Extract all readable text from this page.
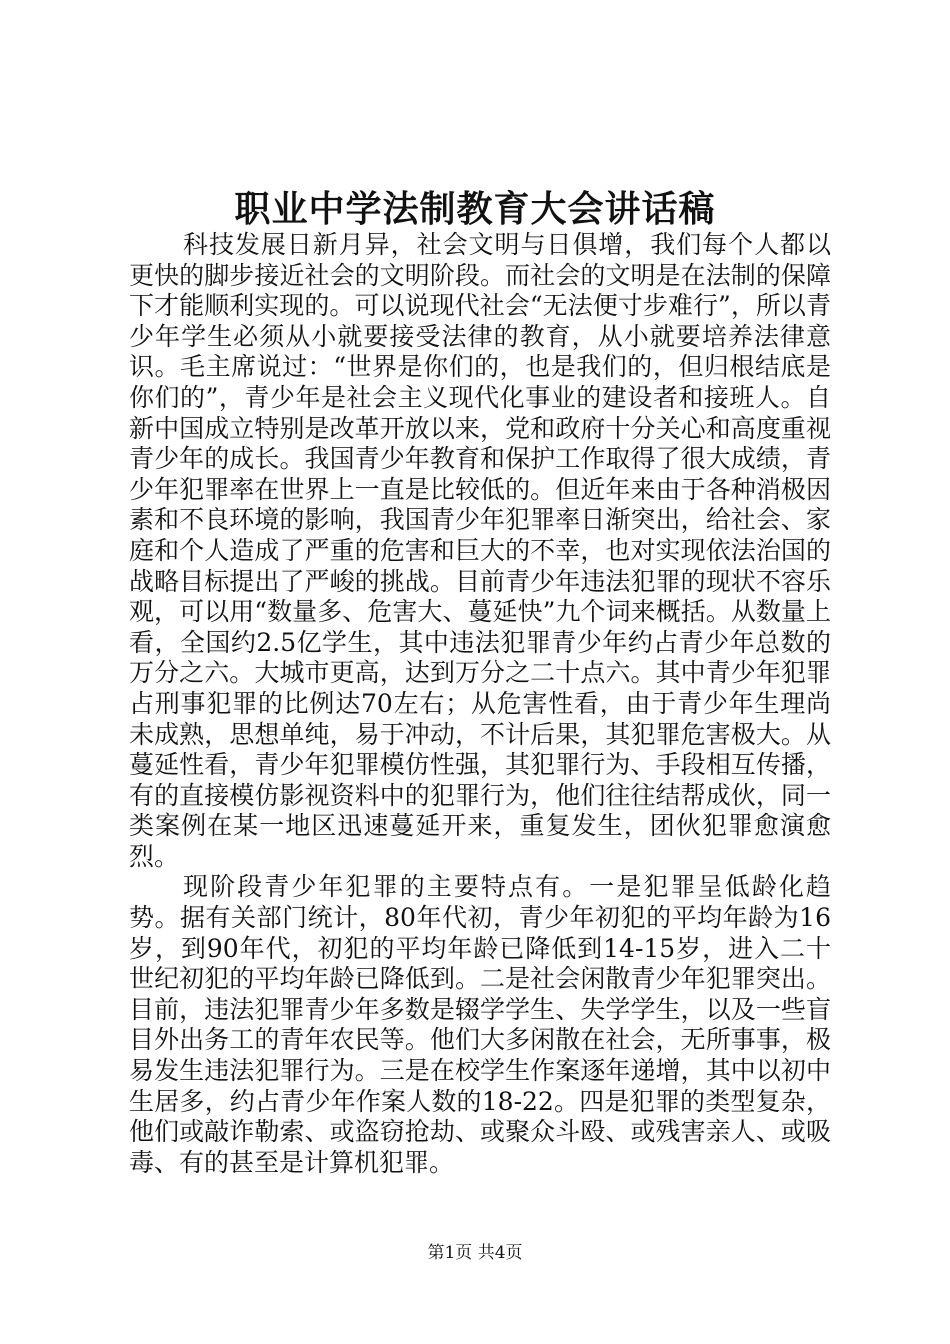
职业中学法制教育大会讲话稿

科技发展日新月异，社会文明与日俱增，我们每个人都以更快的脚步接近社会的文明阶段。而社会的文明是在法制的保障下才能顺利实现的。可以说现代社会“无法便寸步难行”，所以青少年学生必须从小就要接受法律的教育，从小就要培养法律意识。毛主席说过：“世界是你们的，也是我们的，但归根结底是你们的”，青少年是社会主义现代化事业的建设者和接班人。自新中国成立特别是改革开放以来，党和政府十分关心和高度重视青少年的成长。我国青少年教育和保护工作取得了很大成绩，青少年犯罪率在世界上一直是比较低的。但近年来由于各种消极因素和不良环境的影响，我国青少年犯罪率日渐突出，给社会、家庭和个人造成了严重的危害和巨大的不幸，也对实现依法治国的战略目标提出了严峻的挑战。目前青少年违法犯罪的现状不容乐观，可以用“数量多、危害大、蔓延快”九个词来概括。从数量上看，全国约2.5亿学生，其中违法犯罪青少年约占青少年总数的万分之六。大城市更高，达到万分之二十点六。其中青少年犯罪占刑事犯罪的比例达70左右；从危害性看，由于青少年生理尚未成熟，思想单纯，易于冲动，不计后果，其犯罪危害极大。从蔓延性看，青少年犯罪模仿性强，其犯罪行为、手段相互传播，有的直接模仿影视资料中的犯罪行为，他们往往结帮成伙，同一类案例在某一地区迅速蔓延开来，重复发生，团伙犯罪愈演愈烈。

现阶段青少年犯罪的主要特点有。一是犯罪呈低龄化趋势。据有关部门统计，80年代初，青少年初犯的平均年龄为16岁，到90年代，初犯的平均年龄已降低到14-15岁，进入二十世纪初犯的平均年龄已降低到。二是社会闲散青少年犯罪突出。目前，违法犯罪青少年多数是辍学学生、失学学生，以及一些盲目外出务工的青年农民等。他们大多闲散在社会，无所事事，极易发生违法犯罪行为。三是在校学生作案逐年递增，其中以初中生居多，约占青少年作案人数的18-22。四是犯罪的类型复杂，他们或敲诈勒索、或盗窃抢劫、或聚众斗殴、或残害亲人、或吸毒、有的甚至是计算机犯罪。

第1页 共4页
